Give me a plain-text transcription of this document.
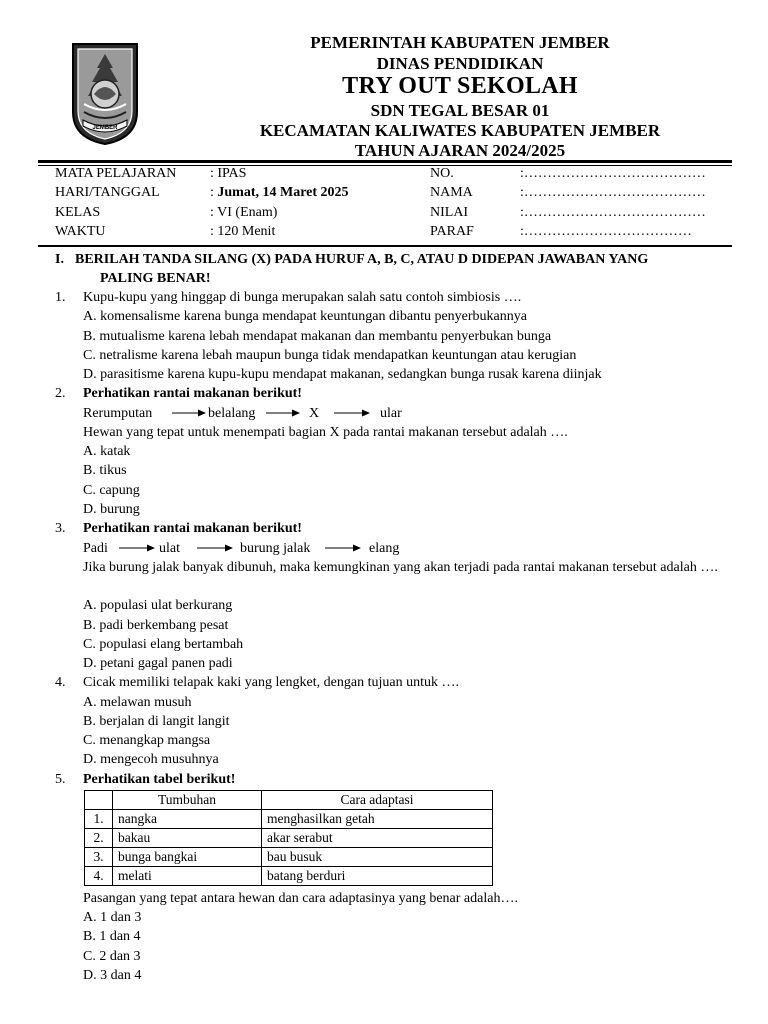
JEMBER
PEMERINTAH KABUPATEN JEMBER
DINAS PENDIDIKAN
TRY OUT SEKOLAH
SDN TEGAL BESAR 01
KECAMATAN KALIWATES KABUPATEN JEMBER
TAHUN AJARAN 2024/2025
MATA PELAJARAN : IPAS	NO.	:…………………………………
HARI/TANGGAL	: Jumat, 14 Maret 2025	NAMA	:…………………………………
KELAS	: VI (Enam)	NILAI	:…………………………………
WAKTU	: 120 Menit	PARAF	:………………………………
I. BERILAH TANDA SILANG (X) PADA HURUF A, B, C, ATAU D DIDEPAN JAWABAN YANG
PALING BENAR!
1. Kupu-kupu yang hinggap di bunga merupakan salah satu contoh simbiosis ….
A. komensalisme karena bunga mendapat keuntungan dibantu penyerbukannya
B. mutualisme karena lebah mendapat makanan dan membantu penyerbukan bunga
C. netralisme karena lebah maupun bunga tidak mendapatkan keuntungan atau kerugian
D. parasitisme karena kupu-kupu mendapat makanan, sedangkan bunga rusak karena diinjak
2. Perhatikan rantai makanan berikut!
Rerumputan	belalang	X	ular
Hewan yang tepat untuk menempati bagian X pada rantai makanan tersebut adalah ….
A. katak
B. tikus
C. capung
D. burung
3. Perhatikan rantai makanan berikut!
Padi	ulat	burung jalak	elang
Jika burung jalak banyak dibunuh, maka kemungkinan yang akan terjadi pada rantai makanan tersebut adalah ….
A. populasi ulat berkurang
B. padi berkembang pesat
C. populasi elang bertambah
D. petani gagal panen padi
4. Cicak memiliki telapak kaki yang lengket, dengan tujuan untuk ….
A. melawan musuh
B. berjalan di langit langit
C. menangkap mangsa
D. mengecoh musuhnya
5. Perhatikan tabel berikut!
	Tumbuhan	Cara adaptasi
1.	nangka	menghasilkan getah
2.	bakau	akar serabut
3.	bunga bangkai	bau busuk
4.	melati	batang berduri
Pasangan yang tepat antara hewan dan cara adaptasinya yang benar adalah….
A. 1 dan 3
B. 1 dan 4
C. 2 dan 3
D. 3 dan 4
